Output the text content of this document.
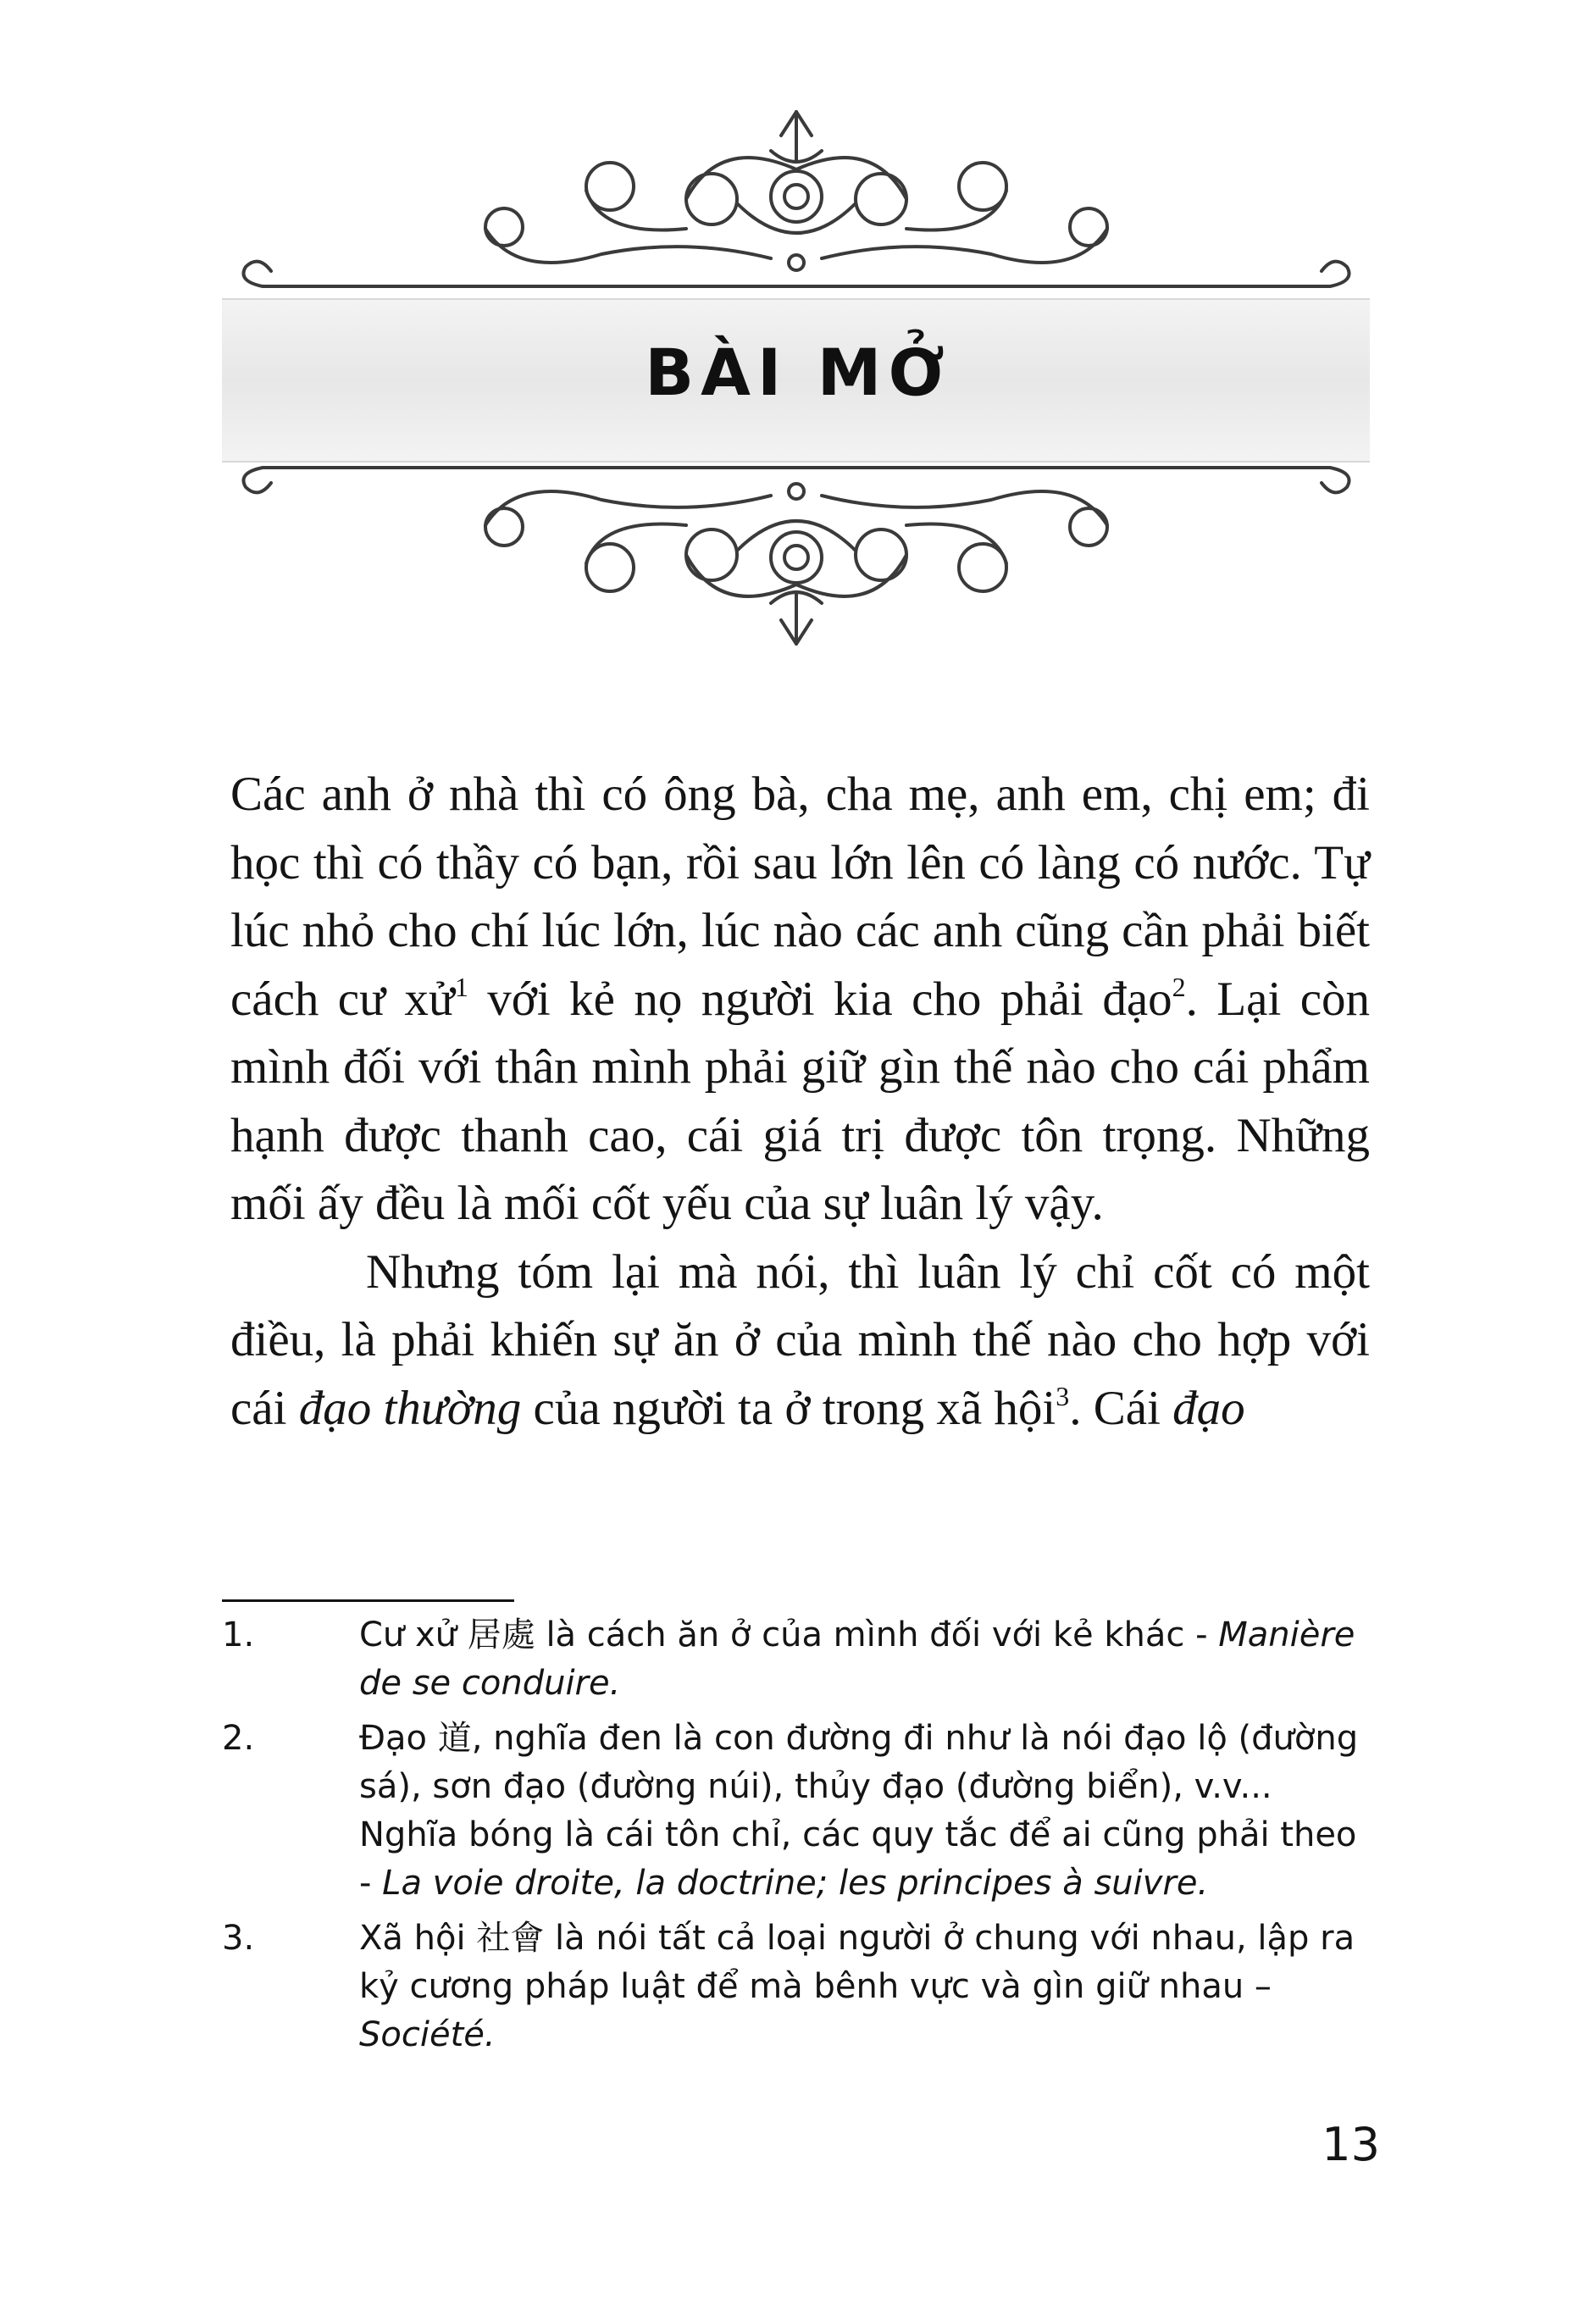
BÀI MỞ

Các anh ở nhà thì có ông bà, cha mẹ, anh em, chị em; đi học thì có thầy có bạn, rồi sau lớn lên có làng có nước. Tự lúc nhỏ cho chí lúc lớn, lúc nào các anh cũng cần phải biết cách cư xử$^1$ với kẻ nọ người kia cho phải đạo$^2$. Lại còn mình đối với thân mình phải giữ gìn thế nào cho cái phẩm hạnh được thanh cao, cái giá trị được tôn trọng. Những mối ấy đều là mối cốt yếu của sự luân lý vậy.

Nhưng tóm lại mà nói, thì luân lý chỉ cốt có một điều, là phải khiến sự ăn ở của mình thế nào cho hợp với cái đạo thường của người ta ở trong xã hội$^3$. Cái đạo

1.	Cư xử 居處 là cách ăn ở của mình đối với kẻ khác - Manière de se conduire.
2.	Đạo 道, nghĩa đen là con đường đi như là nói đạo lộ (đường sá), sơn đạo (đường núi), thủy đạo (đường biển), v.v... Nghĩa bóng là cái tôn chỉ, các quy tắc để ai cũng phải theo - La voie droite, la doctrine; les principes à suivre.
3.	Xã hội 社會 là nói tất cả loại người ở chung với nhau, lập ra kỷ cương pháp luật để mà bênh vực và gìn giữ nhau – Société.
13
